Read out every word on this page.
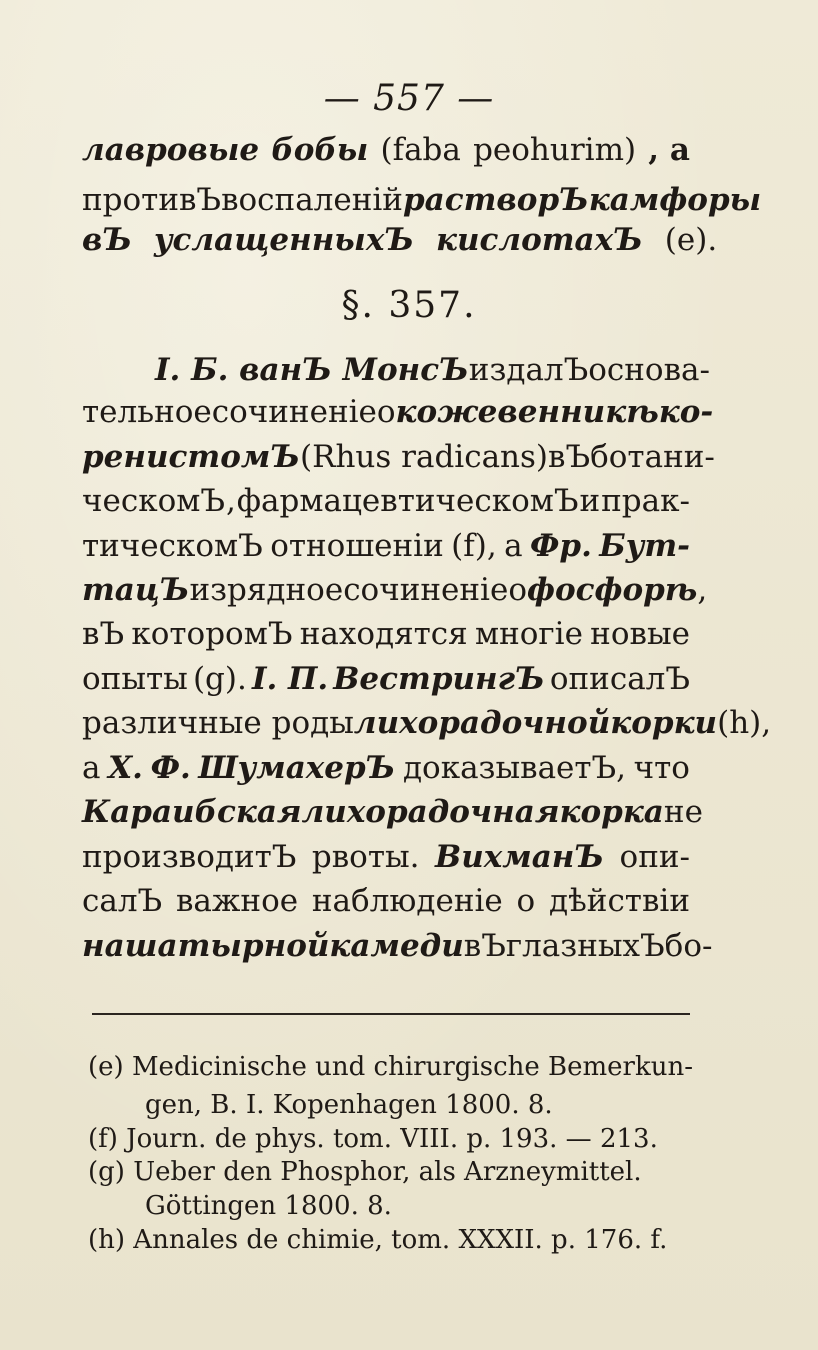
— 557 —
лавровые бобы (faba peohurim) , а
противЪ воспаленій растворЪ камфоры
вЪ услащенныхЪ кислотахЪ (e).
§. 357.
I. Б. ванЪ МонсЪ издалЪ основа-
тельное сочиненіе о кожевенникѣ ко-
ренистомЪ (Rhus radicans) вЪ ботани-
ческомЪ , фармацевтическомЪ и прак-
тическомЪ отношеніи (f), а Фр. Бут-
тацЪ изрядное сочиненіе о фосфорѣ ,
вЪ которомЪ находятся многіе новые
опыты (g). I. П. ВестрингЪ описалЪ
различные роды лихорадочной корки (h),
а X. Ф. ШумахерЪ доказываетЪ, что
Караибская лихорадочная корка не
производитЪ рвоты. ВихманЪ опи-
салЪ важное наблюденіе о дѣйствіи
нашатырной камеди вЪ глазныхЪ бо-
(e) Medicinische und chirurgische Bemerkun-
gen, B. I. Kopenhagen 1800. 8.
(f) Journ. de phys. tom. VIII. p. 193. — 213.
(g) Ueber den Phosphor, als Arzneymittel.
Göttingen 1800. 8.
(h) Annales de chimie, tom. XXXII. p. 176. f.
